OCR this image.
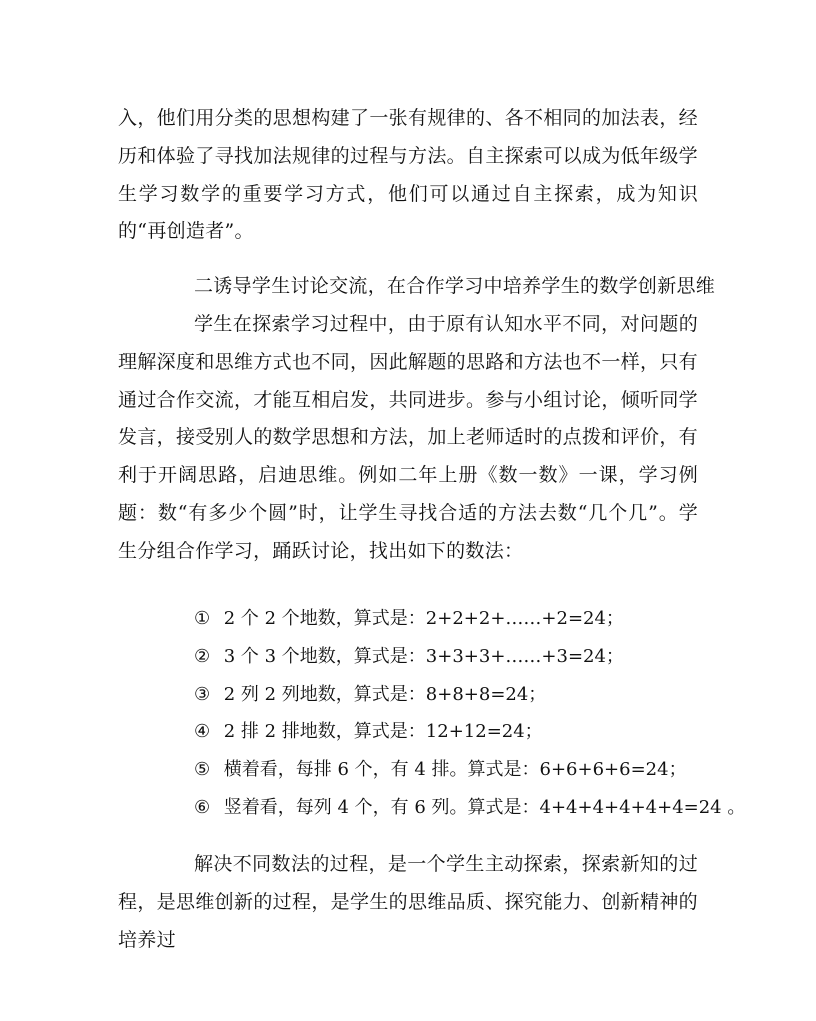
入，他们用分类的思想构建了一张有规律的、各不相同的加法表，经历和体验了寻找加法规律的过程与方法。自主探索可以成为低年级学生学习数学的重要学习方式，他们可以通过自主探索，成为知识的“再创造者”。

二诱导学生讨论交流，在合作学习中培养学生的数学创新思维

学生在探索学习过程中，由于原有认知水平不同，对问题的理解深度和思维方式也不同，因此解题的思路和方法也不一样，只有通过合作交流，才能互相启发，共同进步。参与小组讨论，倾听同学发言，接受别人的数学思想和方法，加上老师适时的点拨和评价，有利于开阔思路，启迪思维。例如二年上册《数一数》一课，学习例题：数“有多少个圆”时，让学生寻找合适的方法去数“几个几”。学生分组合作学习，踊跃讨论，找出如下的数法：

① 2 个 2 个地数，算式是：2+2+2+……+2=24；
② 3 个 3 个地数，算式是：3+3+3+……+3=24；
③ 2 列 2 列地数，算式是：8+8+8=24；
④ 2 排 2 排地数，算式是：12+12=24；
⑤ 横着看，每排 6 个，有 4 排。算式是：6+6+6+6=24；
⑥ 竖着看，每列 4 个，有 6 列。算式是：4+4+4+4+4+4=24 。

解决不同数法的过程，是一个学生主动探索，探索新知的过程，是思维创新的过程，是学生的思维品质、探究能力、创新精神的培养过
